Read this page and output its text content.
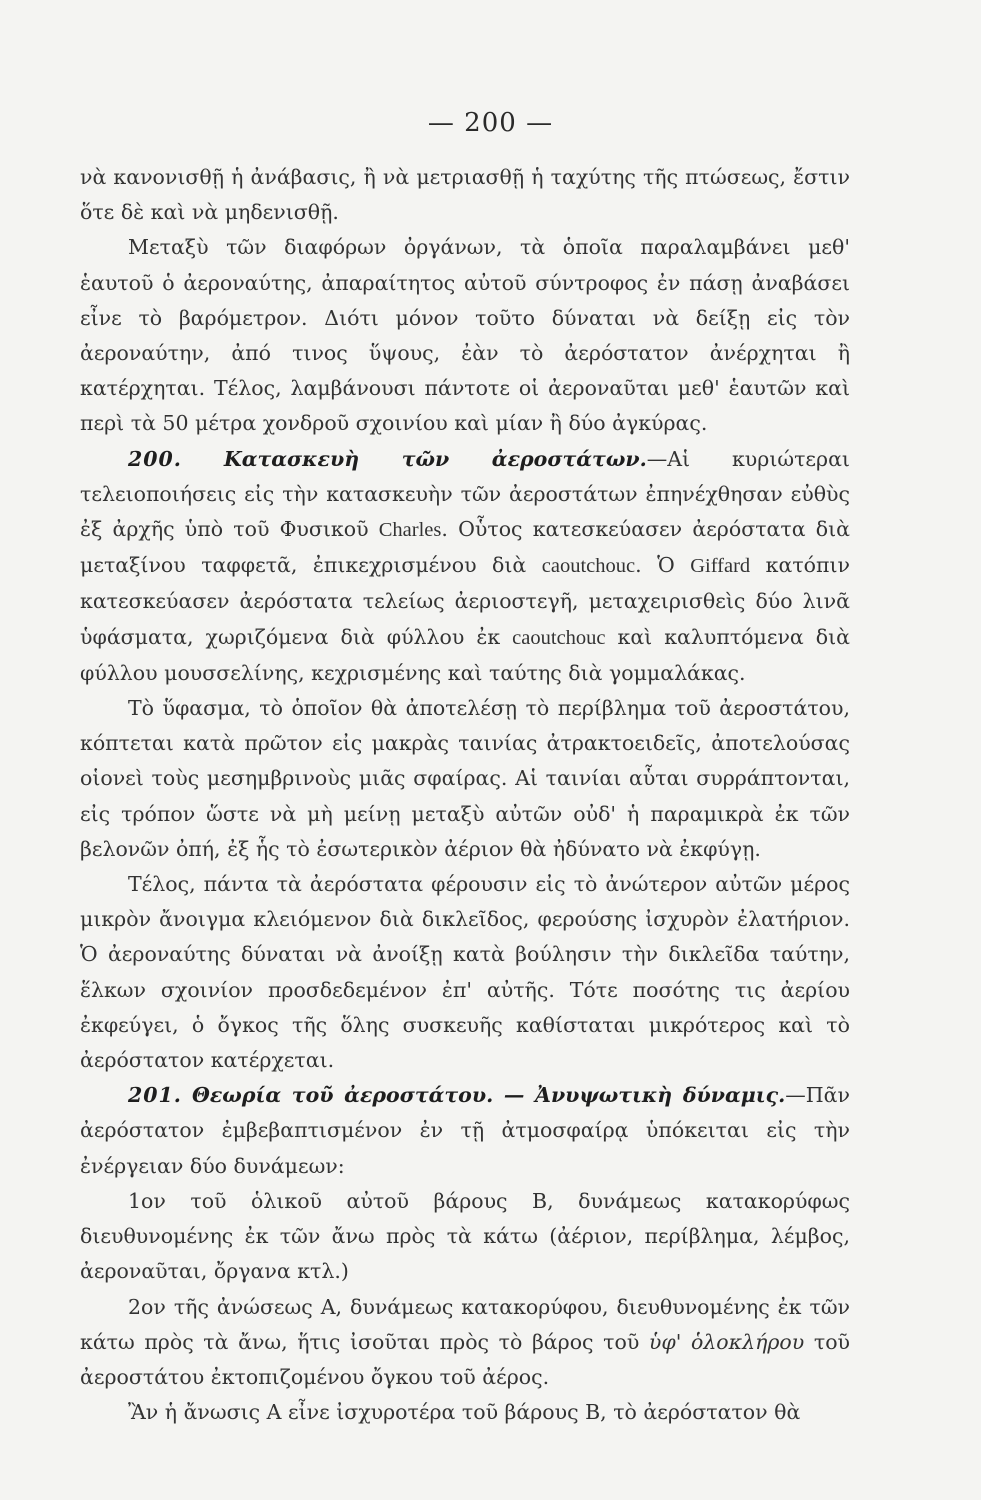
— 200 —

νὰ κανονισθῇ ἡ ἀνάβασις, ἢ νὰ μετριασθῇ ἡ ταχύτης τῆς πτώσεως, ἔστιν ὅτε δὲ καὶ νὰ μηδενισθῇ.

Μεταξὺ τῶν διαφόρων ὀργάνων, τὰ ὁποῖα παραλαμβάνει μεθ' ἑαυτοῦ ὁ ἀεροναύτης, ἀπαραίτητος αὐτοῦ σύντροφος ἐν πάσῃ ἀναβάσει εἶνε τὸ βαρόμετρον. Διότι μόνον τοῦτο δύναται νὰ δείξῃ εἰς τὸν ἀεροναύτην, ἀπό τινος ὕψους, ἐὰν τὸ ἀερόστατον ἀνέρχηται ἢ κατέρχηται. Τέλος, λαμβάνουσι πάντοτε οἱ ἀεροναῦται μεθ' ἑαυτῶν καὶ περὶ τὰ 50 μέτρα χονδροῦ σχοινίου καὶ μίαν ἢ δύο ἀγκύρας.

200. Κατασκευὴ τῶν ἀεροστάτων.—Αἱ κυριώτεραι τελειοποιήσεις εἰς τὴν κατασκευὴν τῶν ἀεροστάτων ἐπηνέχθησαν εὐθὺς ἐξ ἀρχῆς ὑπὸ τοῦ Φυσικοῦ Charles. Οὗτος κατεσκεύασεν ἀερόστατα διὰ μεταξίνου ταφφετᾶ, ἐπικεχρισμένου διὰ caoutchouc. Ὁ Giffard κατόπιν κατεσκεύασεν ἀερόστατα τελείως ἀεριοστεγῆ, μεταχειρισθεὶς δύο λινᾶ ὑφάσματα, χωριζόμενα διὰ φύλλου ἐκ caoutchouc καὶ καλυπτόμενα διὰ φύλλου μουσσελίνης, κεχρισμένης καὶ ταύτης διὰ γομμαλάκας.

Τὸ ὕφασμα, τὸ ὁποῖον θὰ ἀποτελέσῃ τὸ περίβλημα τοῦ ἀεροστάτου, κόπτεται κατὰ πρῶτον εἰς μακρὰς ταινίας ἀτρακτοειδεῖς, ἀποτελούσας οἱονεὶ τοὺς μεσημβρινοὺς μιᾶς σφαίρας. Αἱ ταινίαι αὗται συρράπτονται, εἰς τρόπον ὥστε νὰ μὴ μείνῃ μεταξὺ αὐτῶν οὐδ' ἡ παραμικρὰ ἐκ τῶν βελονῶν ὀπή, ἐξ ἧς τὸ ἐσωτερικὸν ἀέριον θὰ ἠδύνατο νὰ ἐκφύγῃ.

Τέλος, πάντα τὰ ἀερόστατα φέρουσιν εἰς τὸ ἀνώτερον αὐτῶν μέρος μικρὸν ἄνοιγμα κλειόμενον διὰ δικλεῖδος, φερούσης ἰσχυρὸν ἐλατήριον. Ὁ ἀεροναύτης δύναται νὰ ἀνοίξῃ κατὰ βούλησιν τὴν δικλεῖδα ταύτην, ἕλκων σχοινίον προσδεδεμένον ἐπ' αὐτῆς. Τότε ποσότης τις ἀερίου ἐκφεύγει, ὁ ὄγκος τῆς ὅλης συσκευῆς καθίσταται μικρότερος καὶ τὸ ἀερόστατον κατέρχεται.

201. Θεωρία τοῦ ἀεροστάτου. — Ἀνυψωτικὴ δύναμις.—Πᾶν ἀερόστατον ἐμβεβαπτισμένον ἐν τῇ ἀτμοσφαίρᾳ ὑπόκειται εἰς τὴν ἐνέργειαν δύο δυνάμεων:

1ον τοῦ ὁλικοῦ αὐτοῦ βάρους Β, δυνάμεως κατακορύφως διευθυνομένης ἐκ τῶν ἄνω πρὸς τὰ κάτω (ἀέριον, περίβλημα, λέμβος, ἀεροναῦται, ὄργανα κτλ.)

2ον τῆς ἀνώσεως Α, δυνάμεως κατακορύφου, διευθυνομένης ἐκ τῶν κάτω πρὸς τὰ ἄνω, ἥτις ἰσοῦται πρὸς τὸ βάρος τοῦ ὑφ' ὁλοκλήρου τοῦ ἀεροστάτου ἐκτοπιζομένου ὄγκου τοῦ ἀέρος.

Ἂν ἡ ἄνωσις Α εἶνε ἰσχυροτέρα τοῦ βάρους Β, τὸ ἀερόστατον θὰ
